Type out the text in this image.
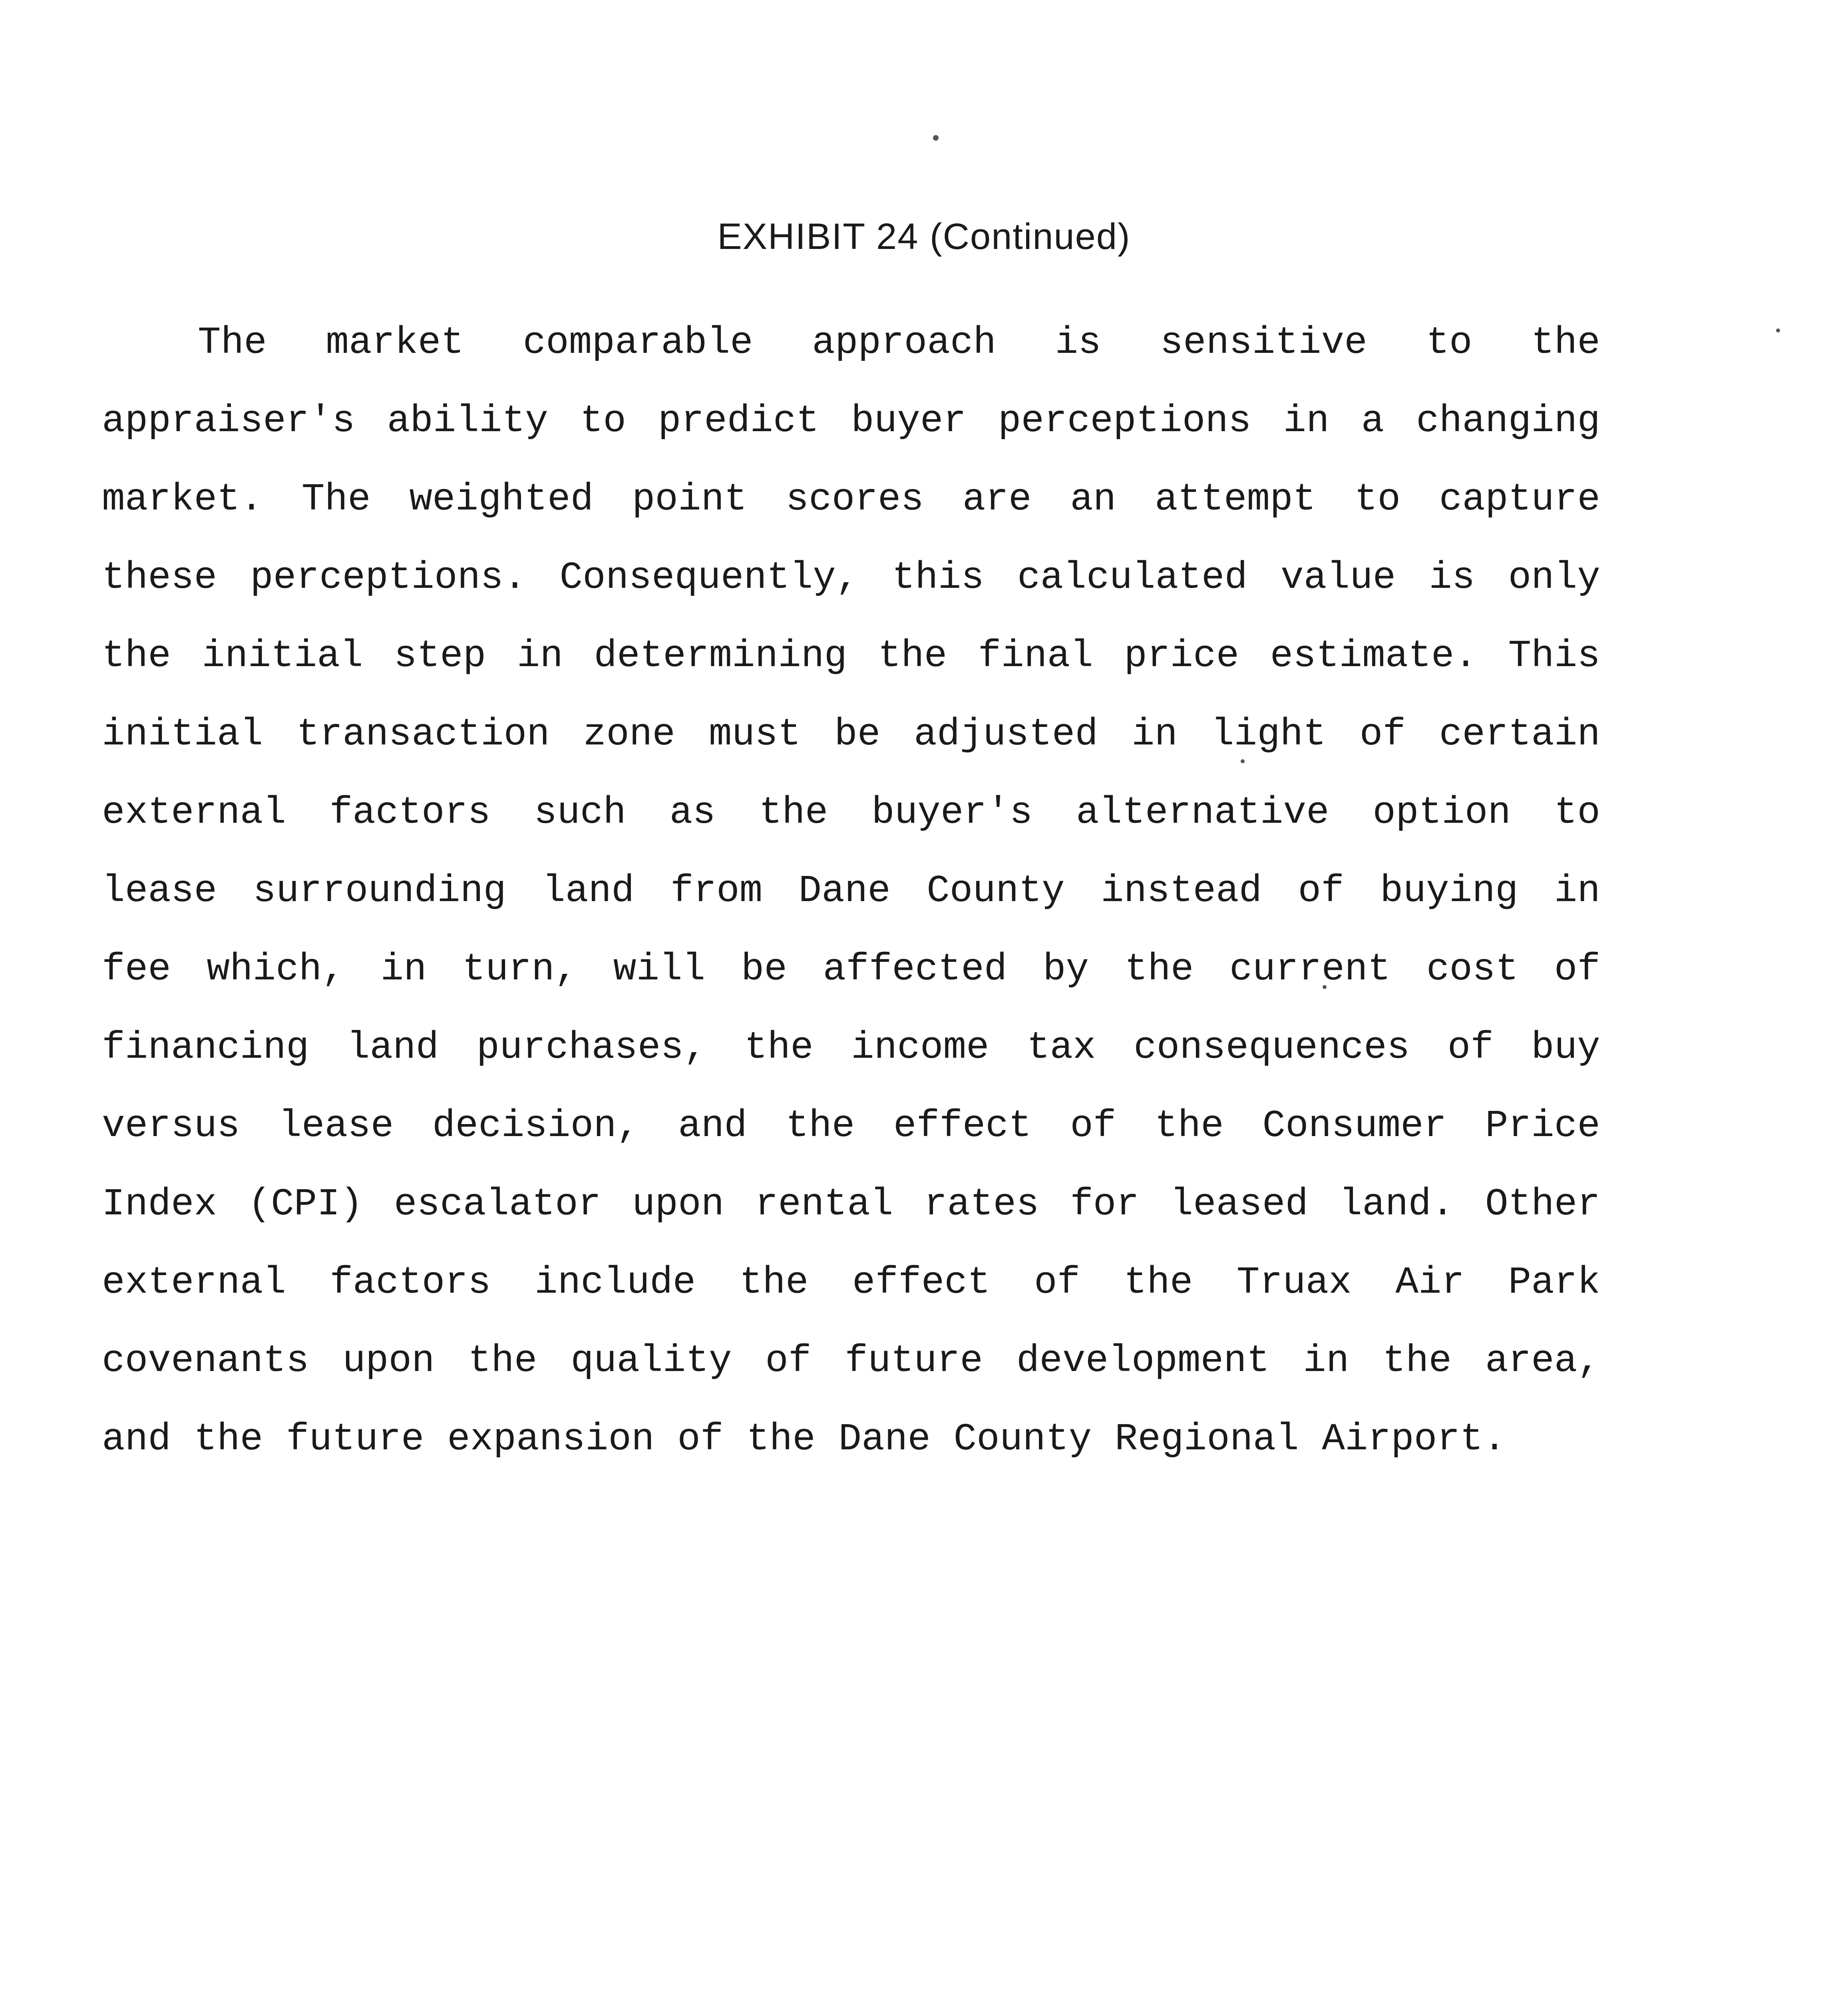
EXHIBIT 24 (Continued)
The market comparable approach is sensitive to the
appraiser's ability to predict buyer perceptions in a changing
market. The weighted point scores are an attempt to capture
these perceptions. Consequently, this calculated value is only
the initial step in determining the final price estimate. This
initial transaction zone must be adjusted in light of certain
external factors such as the buyer's alternative option to
lease surrounding land from Dane County instead of buying in
fee which, in turn, will be affected by the current cost of
financing land purchases, the income tax consequences of buy
versus lease decision, and the effect of the Consumer Price
Index (CPI) escalator upon rental rates for leased land. Other
external factors include the effect of the Truax Air Park
covenants upon the quality of future development in the area,
and the future expansion of the Dane County Regional Airport.
